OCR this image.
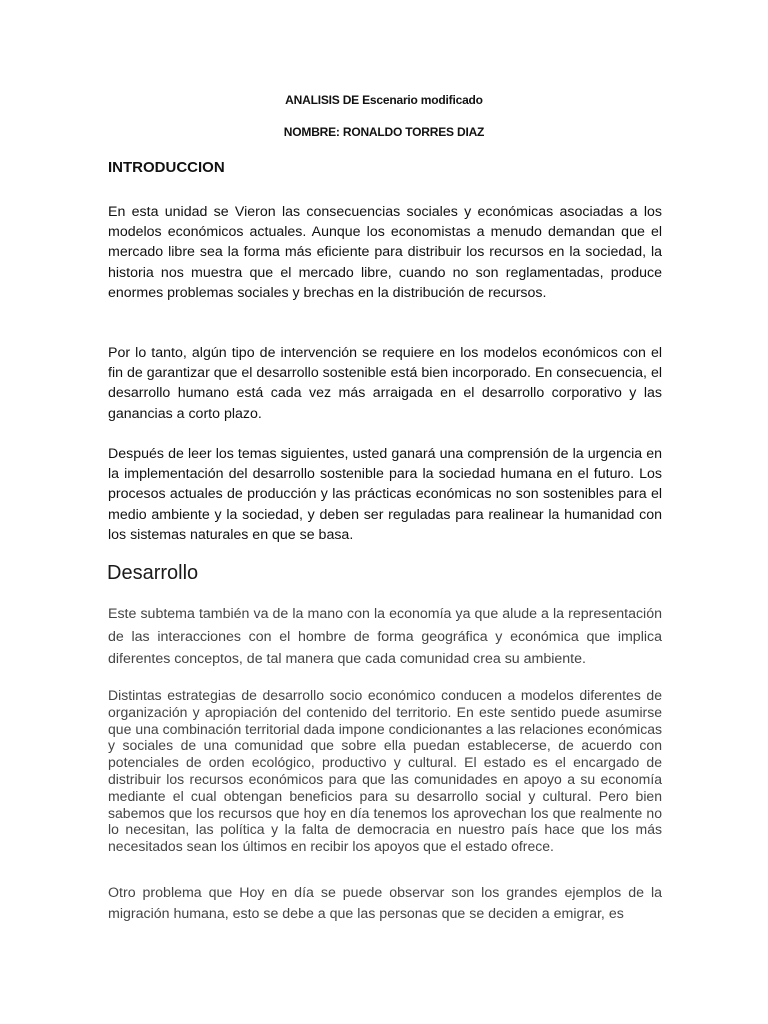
ANALISIS DE Escenario modificado
NOMBRE: RONALDO TORRES DIAZ
INTRODUCCION

En esta unidad se Vieron las consecuencias sociales y económicas asociadas a los modelos económicos actuales. Aunque los economistas a menudo demandan que el mercado libre sea la forma más eficiente para distribuir los recursos en la sociedad, la historia nos muestra que el mercado libre, cuando no son reglamentadas, produce enormes problemas sociales y brechas en la distribución de recursos.

Por lo tanto, algún tipo de intervención se requiere en los modelos económicos con el fin de garantizar que el desarrollo sostenible está bien incorporado. En consecuencia, el desarrollo humano está cada vez más arraigada en el desarrollo corporativo y las ganancias a corto plazo.

Después de leer los temas siguientes, usted ganará una comprensión de la urgencia en la implementación del desarrollo sostenible para la sociedad humana en el futuro. Los procesos actuales de producción y las prácticas económicas no son sostenibles para el medio ambiente y la sociedad, y deben ser reguladas para realinear la humanidad con los sistemas naturales en que se basa.

Desarrollo

Este subtema también va de la mano con la economía ya que alude a la representación de las interacciones con el hombre de forma geográfica y económica que implica diferentes conceptos, de tal manera que cada comunidad crea su ambiente.

Distintas estrategias de desarrollo socio económico conducen a modelos diferentes de organización y apropiación del contenido del territorio. En este sentido puede asumirse que una combinación territorial dada impone condicionantes a las relaciones económicas y sociales de una comunidad que sobre ella puedan establecerse, de acuerdo con potenciales de orden ecológico, productivo y cultural. El estado es el encargado de distribuir los recursos económicos para que las comunidades en apoyo a su economía mediante el cual obtengan beneficios para su desarrollo social y cultural. Pero bien sabemos que los recursos que hoy en día tenemos los aprovechan los que realmente no lo necesitan, las política y la falta de democracia en nuestro país hace que los más necesitados sean los últimos en recibir los apoyos que el estado ofrece.

Otro problema que Hoy en día se puede observar son los grandes ejemplos de la migración humana, esto se debe a que las personas que se deciden a emigrar, es
